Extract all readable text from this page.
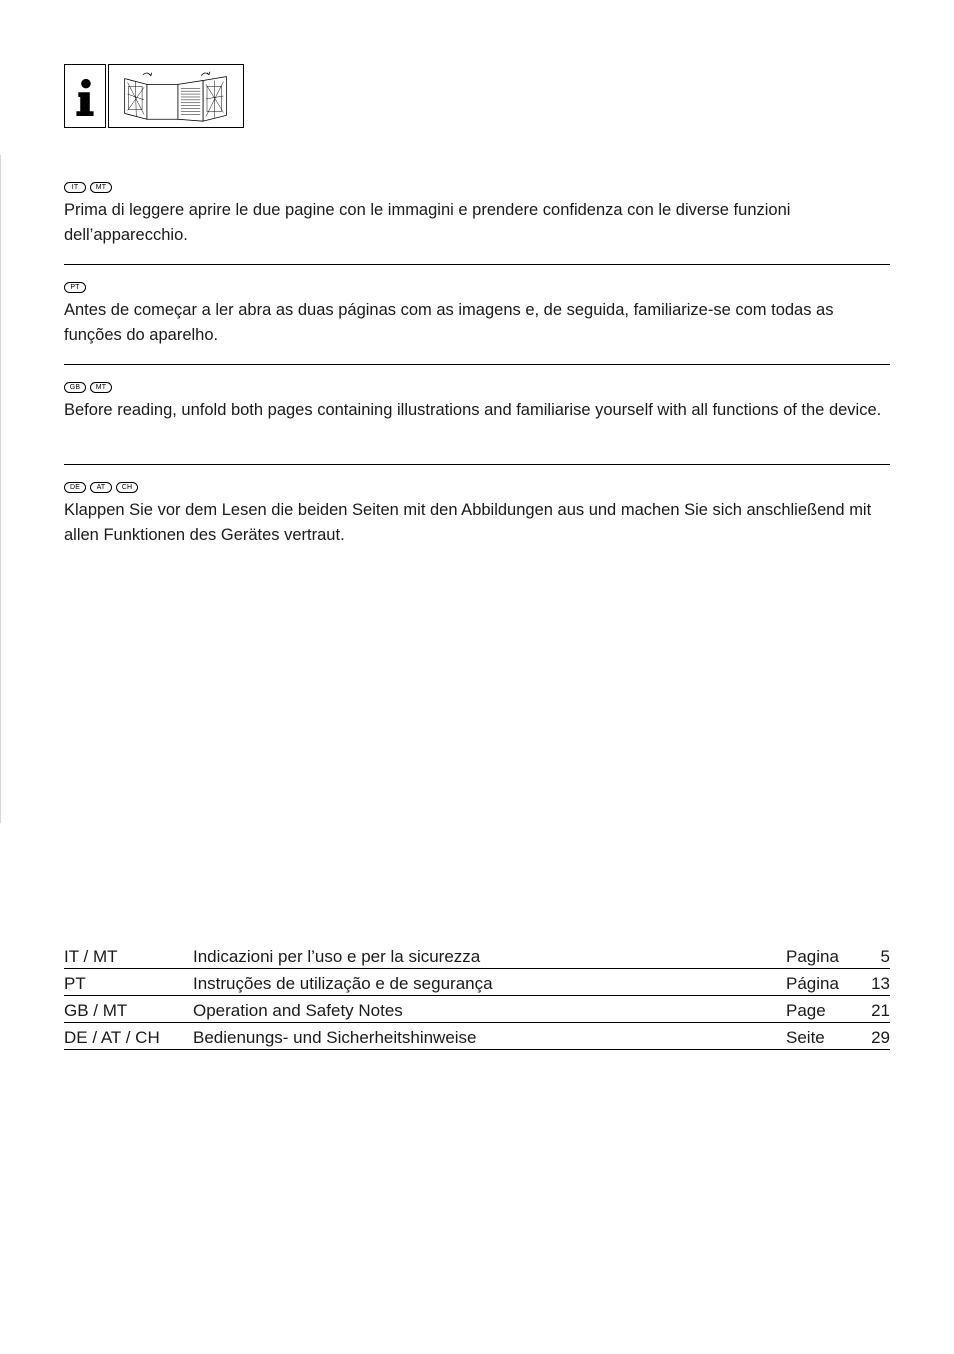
IT	MT

Prima di leggere aprire le due pagine con le immagini e prendere confidenza con le diverse funzioni dell’apparecchio.

PT

Antes de começar a ler abra as duas páginas com as imagens e, de seguida, familiarize-se com todas as funções do aparelho.

GB	MT

Before reading, unfold both pages containing illustrations and familiarise yourself with all functions of the device.

DE	AT	CH

Klappen Sie vor dem Lesen die beiden Seiten mit den Abbildungen aus und machen Sie sich anschließend mit allen Funktionen des Gerätes vertraut.

IT / MT	Indicazioni per l’uso e per la sicurezza	Pagina	5
PT	Instruções de utilização e de segurança	Página	13
GB / MT	Operation and Safety Notes	Page	21
DE / AT / CH	Bedienungs- und Sicherheitshinweise	Seite	29
